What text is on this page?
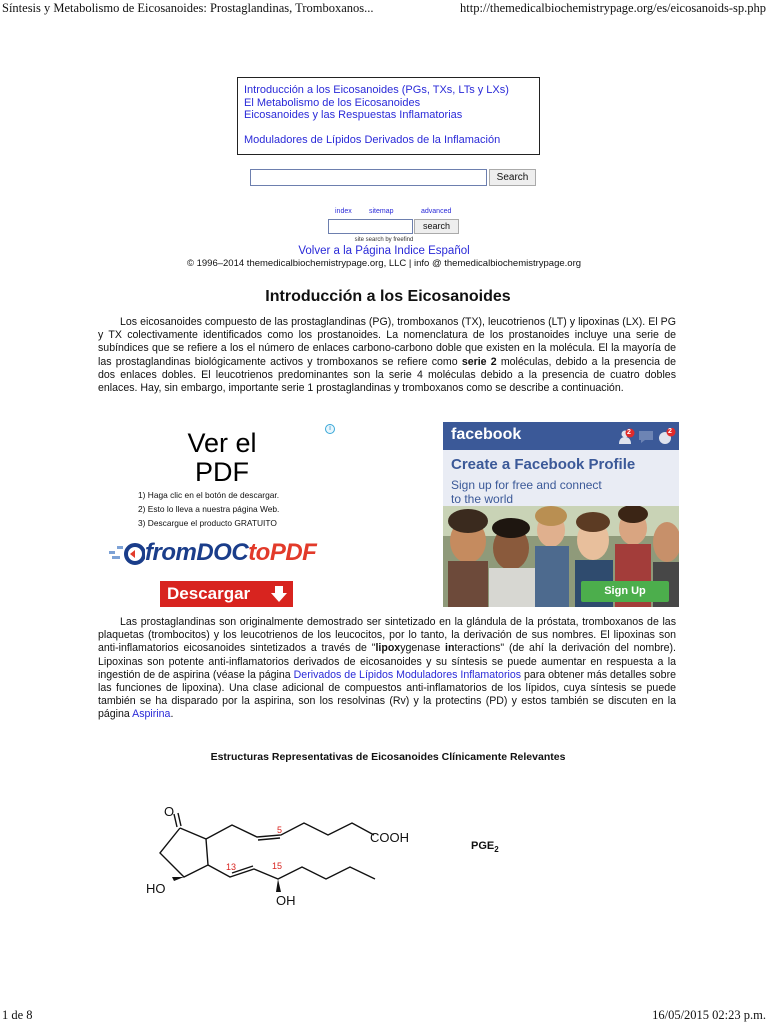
Síntesis y Metabolismo de Eicosanoides: Prostaglandinas, Tromboxanos...	http://themedicalbiochemistrypage.org/es/eicosanoids-sp.php
Introducción a los Eicosanoides (PGs, TXs, LTs y LXs)
El Metabolismo de los Eicosanoides
Eicosanoides y las Respuestas Inflamatorias
Moduladores de Lípidos Derivados de la Inflamación
Search
index sitemap	advanced
search
site search by freefind
Volver a la Página Indice Español
© 1996–2014 themedicalbiochemistrypage.org, LLC | info @ themedicalbiochemistrypage.org
Introducción a los Eicosanoides
Los eicosanoides compuesto de las prostaglandinas (PG), tromboxanos (TX), leucotrienos (LT) y lipoxinas (LX). El PG y TX colectivamente identificados como los prostanoides. La nomenclatura de los prostanoides incluye una serie de subíndices que se refiere a los el número de enlaces carbono-carbono doble que existen en la molécula. El la mayoría de las prostaglandinas biológicamente activos y tromboxanos se refiere como serie 2 moléculas, debido a la presencia de dos enlaces dobles. El leucotrienos predominantes son la serie 4 moléculas debido a la presencia de cuatro dobles enlaces. Hay, sin embargo, importante serie 1 prostaglandinas y tromboxanos como se describe a continuación.
i
Ver el
PDF
1) Haga clic en el botón de descargar.
2) Esto lo lleva a nuestra página Web.
3) Descargue el producto GRATUITO
fromDOCtoPDF
Descargar
facebook	2	2
Create a Facebook Profile
Sign up for free and connect
to the world
Sign Up
Las prostaglandinas son originalmente demostrado ser sintetizado en la glándula de la próstata, tromboxanos de las plaquetas (trombocitos) y los leucotrienos de los leucocitos, por lo tanto, la derivación de sus nombres. El lipoxinas son anti-inflamatorios eicosanoides sintetizados a través de "lipoxygenase interactions" (de ahí la derivación del nombre). Lipoxinas son potente anti-inflamatorios derivados de eicosanoides y su síntesis se puede aumentar en respuesta a la ingestión de de aspirina (véase la página Derivados de Lípidos Moduladores Inflamatorios para obtener más detalles sobre las funciones de lipoxina). Una clase adicional de compuestos anti-inflamatorios de los lípidos, cuya síntesis se puede también se ha disparado por la aspirina, son los resolvinas (Rv) y la protectins (PD) y estos también se discuten en la página Aspirina.
Estructuras Representativas de Eicosanoides Clínicamente Relevantes
O
COOH
HO
OH
5
13	15
$PGE_2$
1 de 8	16/05/2015 02:23 p.m.
